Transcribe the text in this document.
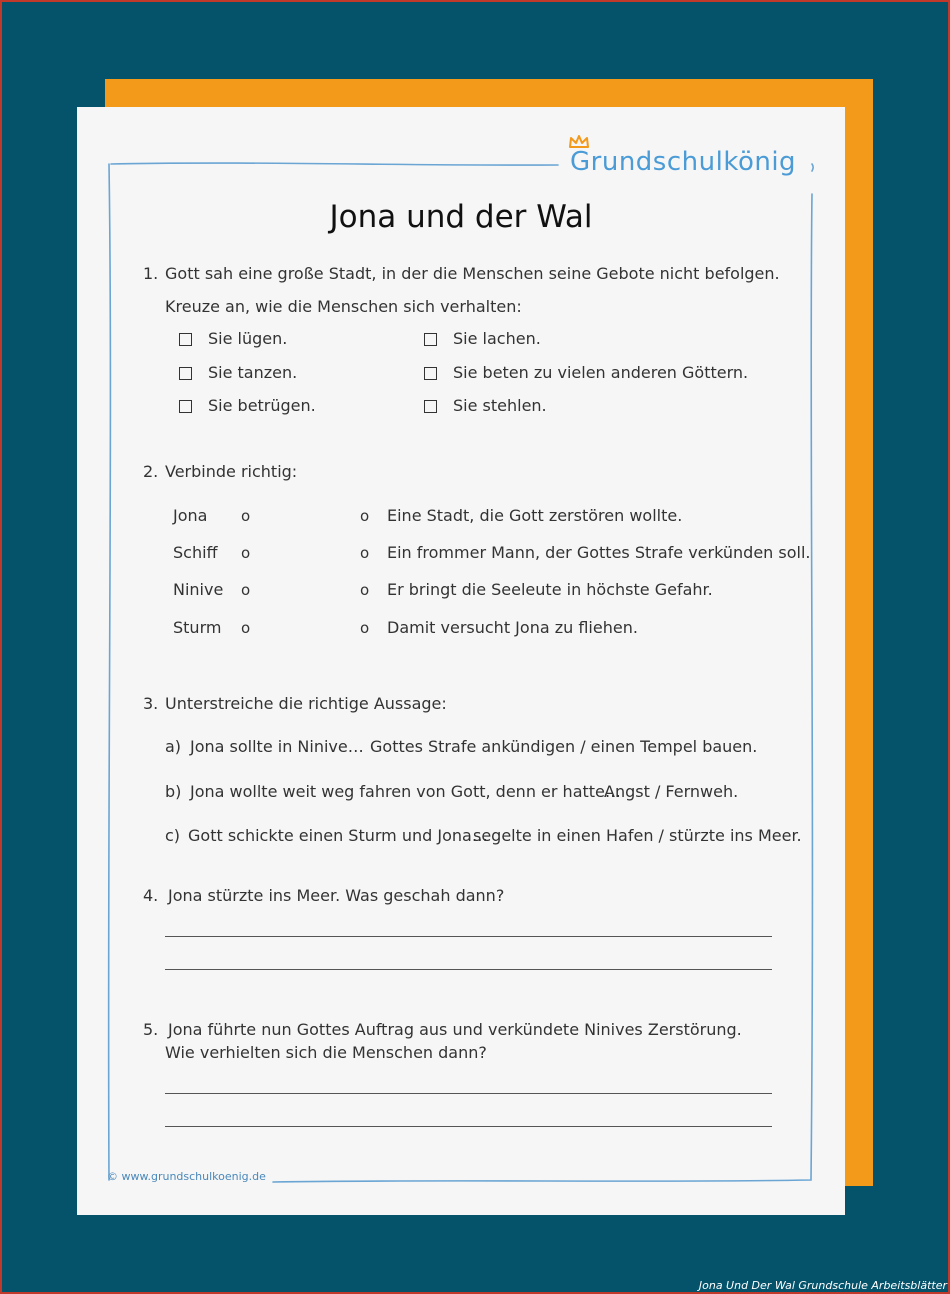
Grundschulkönig
Jona und der Wal
1. Gott sah eine große Stadt, in der die Menschen seine Gebote nicht befolgen.
Kreuze an, wie die Menschen sich verhalten:
Sie lügen.
Sie tanzen.
Sie betrügen.
Sie lachen.
Sie beten zu vielen anderen Göttern.
Sie stehlen.
2. Verbinde richtig:
Jona o	o Eine Stadt, die Gott zerstören wollte.
Schiff o	o Ein frommer Mann, der Gottes Strafe verkünden soll.
Ninive o	o Er bringt die Seeleute in höchste Gefahr.
Sturm o	o Damit versucht Jona zu fliehen.
3. Unterstreiche die richtige Aussage:
a) Jona sollte in Ninive… Gottes Strafe ankündigen / einen Tempel bauen.
b) Jona wollte weit weg fahren von Gott, denn er hatte…
Angst / Fernweh.
c) Gott schickte einen Sturm und Jona…
segelte in einen Hafen / stürzte ins Meer.
4. Jona stürzte ins Meer. Was geschah dann?
5. Jona führte nun Gottes Auftrag aus und verkündete Ninives Zerstörung.
Wie verhielten sich die Menschen dann?
© www.grundschulkoenig.de
Jona Und Der Wal Grundschule Arbeitsblätter
